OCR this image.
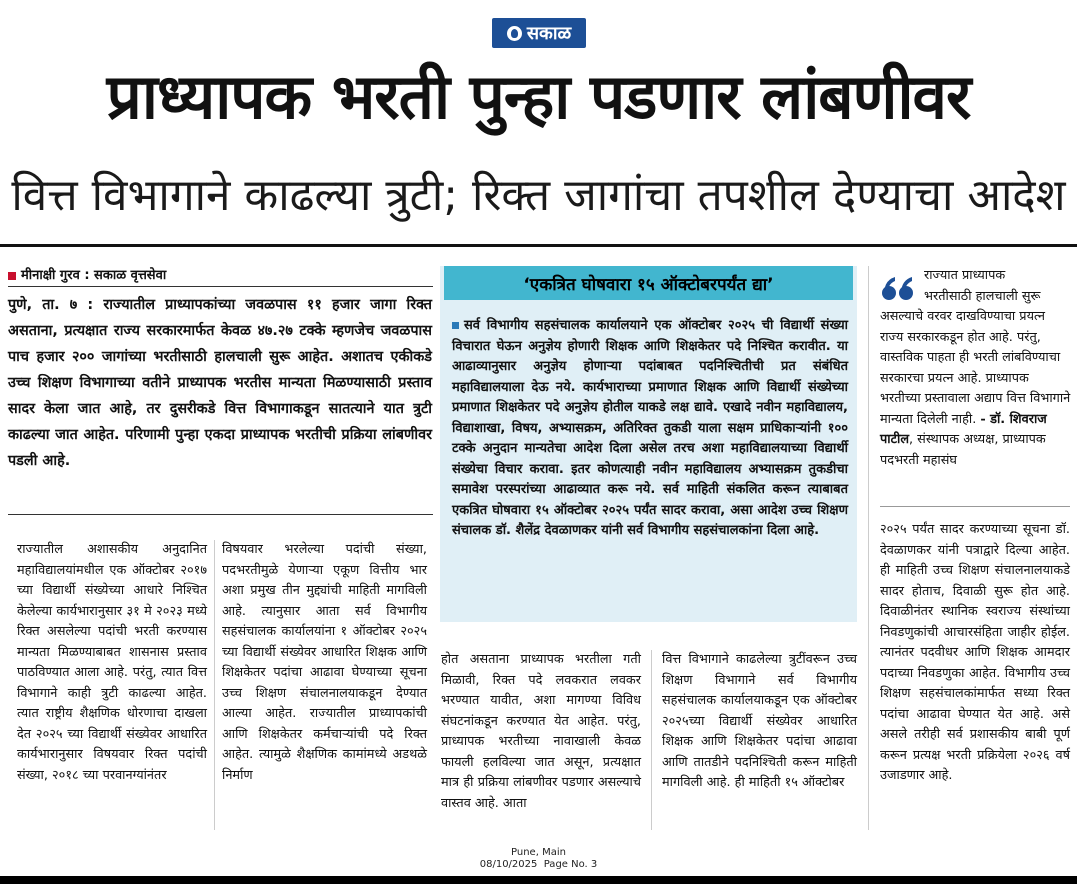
सकाळ
प्राध्यापक भरती पुन्हा पडणार लांबणीवर
वित्त विभागाने काढल्या त्रुटी; रिक्त जागांचा तपशील देण्याचा आदेश
मीनाक्षी गुरव : सकाळ वृत्तसेवा
पुणे, ता. ७ : राज्यातील प्राध्यापकांच्या जवळपास ११ हजार जागा रिक्त असताना, प्रत्यक्षात राज्य सरकारमार्फत केवळ ४७.२७ टक्के म्हणजेच जवळपास पाच हजार २०० जागांच्या भरतीसाठी हालचाली सुरू आहेत. अशातच एकीकडे उच्च शिक्षण विभागाच्या वतीने प्राध्यापक भरतीस मान्यता मिळण्यासाठी प्रस्ताव सादर केला जात आहे, तर दुसरीकडे वित्त विभागाकडून सातत्याने यात त्रुटी काढल्या जात आहेत. परिणामी पुन्हा एकदा प्राध्यापक भरतीची प्रक्रिया लांबणीवर पडली आहे.
राज्यातील अशासकीय अनुदानित महाविद्यालयांमधील एक ऑक्टोबर २०१७ च्या विद्यार्थी संख्येच्या आधारे निश्चित केलेल्या कार्यभारानुसार ३१ मे २०२३ मध्ये रिक्त असलेल्या पदांची भरती करण्यास मान्यता मिळण्याबाबत शासनास प्रस्ताव पाठविण्यात आला आहे. परंतु, त्यात वित्त विभागाने काही त्रुटी काढल्या आहेत. त्यात राष्ट्रीय शैक्षणिक धोरणाचा दाखला देत २०२५ च्या विद्यार्थी संख्येवर आधारित कार्यभारानुसार विषयवार रिक्त पदांची संख्या, २०१८ च्या परवानग्यांनंतर
विषयवार भरलेल्या पदांची संख्या, पदभरतीमुळे येणाऱ्या एकूण वित्तीय भार अशा प्रमुख तीन मुद्द्यांची माहिती मागविली आहे. त्यानुसार आता सर्व विभागीय सहसंचालक कार्यालयांना १ ऑक्टोबर २०२५ च्या विद्यार्थी संख्येवर आधारित शिक्षक आणि शिक्षकेतर पदांचा आढावा घेण्याच्या सूचना उच्च शिक्षण संचालनालयाकडून देण्यात आल्या आहेत. राज्यातील प्राध्यापकांची आणि शिक्षकेतर कर्मचाऱ्यांची पदे रिक्त आहेत. त्यामुळे शैक्षणिक कामांमध्ये अडथळे निर्माण
‘एकत्रित घोषवारा १५ ऑक्टोबरपर्यंत द्या’
सर्व विभागीय सहसंचालक कार्यालयाने एक ऑक्टोबर २०२५ ची विद्यार्थी संख्या विचारात घेऊन अनुज्ञेय होणारी शिक्षक आणि शिक्षकेतर पदे निश्चित करावीत. या आढाव्यानुसार अनुज्ञेय होणाऱ्या पदांबाबत पदनिश्चितीची प्रत संबंधित महाविद्यालयाला देऊ नये. कार्यभाराच्या प्रमाणात शिक्षक आणि विद्यार्थी संख्येच्या प्रमाणात शिक्षकेतर पदे अनुज्ञेय होतील याकडे लक्ष द्यावे. एखादे नवीन महाविद्यालय, विद्याशाखा, विषय, अभ्यासक्रम, अतिरिक्त तुकडी याला सक्षम प्राधिकाऱ्यांनी १०० टक्के अनुदान मान्यतेचा आदेश दिला असेल तरच अशा महाविद्यालयाच्या विद्यार्थी संख्येचा विचार करावा. इतर कोणत्याही नवीन महाविद्यालय अभ्यासक्रम तुकडीचा समावेश परस्परांच्या आढाव्यात करू नये. सर्व माहिती संकलित करून त्याबाबत एकत्रित घोषवारा १५ ऑक्टोबर २०२५ पर्यंत सादर करावा, असा आदेश उच्च शिक्षण संचालक डॉ. शैलेंद्र देवळाणकर यांनी सर्व विभागीय सहसंचालकांना दिला आहे.
होत असताना प्राध्यापक भरतीला गती मिळावी, रिक्त पदे लवकरात लवकर भरण्यात यावीत, अशा मागण्या विविध संघटनांकडून करण्यात येत आहेत. परंतु, प्राध्यापक भरतीच्या नावाखाली केवळ फायली हलविल्या जात असून, प्रत्यक्षात मात्र ही प्रक्रिया लांबणीवर पडणार असल्याचे वास्तव आहे. आता
वित्त विभागाने काढलेल्या त्रुटींवरून उच्च शिक्षण विभागाने सर्व विभागीय सहसंचालक कार्यालयाकडून एक ऑक्टोबर २०२५च्या विद्यार्थी संख्येवर आधारित शिक्षक आणि शिक्षकेतर पदांचा आढावा आणि तातडीने पदनिश्चिती करून माहिती मागविली आहे. ही माहिती १५ ऑक्टोबर
राज्यात प्राध्यापक
भरतीसाठी हालचाली सुरू
असल्याचे वरवर दाखविण्याचा प्रयत्न राज्य सरकारकडून होत आहे. परंतु, वास्तविक पाहता ही भरती लांबविण्याचा सरकारचा प्रयत्न आहे. प्राध्यापक भरतीच्या प्रस्तावाला अद्याप वित्त विभागाने मान्यता दिलेली नाही. - डॉ. शिवराज पाटील, संस्थापक अध्यक्ष, प्राध्यापक पदभरती महासंघ
२०२५ पर्यंत सादर करण्याच्या सूचना डॉ. देवळाणकर यांनी पत्राद्वारे दिल्या आहेत. ही माहिती उच्च शिक्षण संचालनालयाकडे सादर होताच, दिवाळी सुरू होत आहे. दिवाळीनंतर स्थानिक स्वराज्य संस्थांच्या निवडणुकांची आचारसंहिता जाहीर होईल. त्यानंतर पदवीधर आणि शिक्षक आमदार पदाच्या निवडणुका आहेत. विभागीय उच्च शिक्षण सहसंचालकांमार्फत सध्या रिक्त पदांचा आढावा घेण्यात येत आहे. असे असले तरीही सर्व प्रशासकीय बाबी पूर्ण करून प्रत्यक्ष भरती प्रक्रियेला २०२६ वर्ष उजाडणार आहे.
Pune, Main
08/10/2025  Page No. 3
